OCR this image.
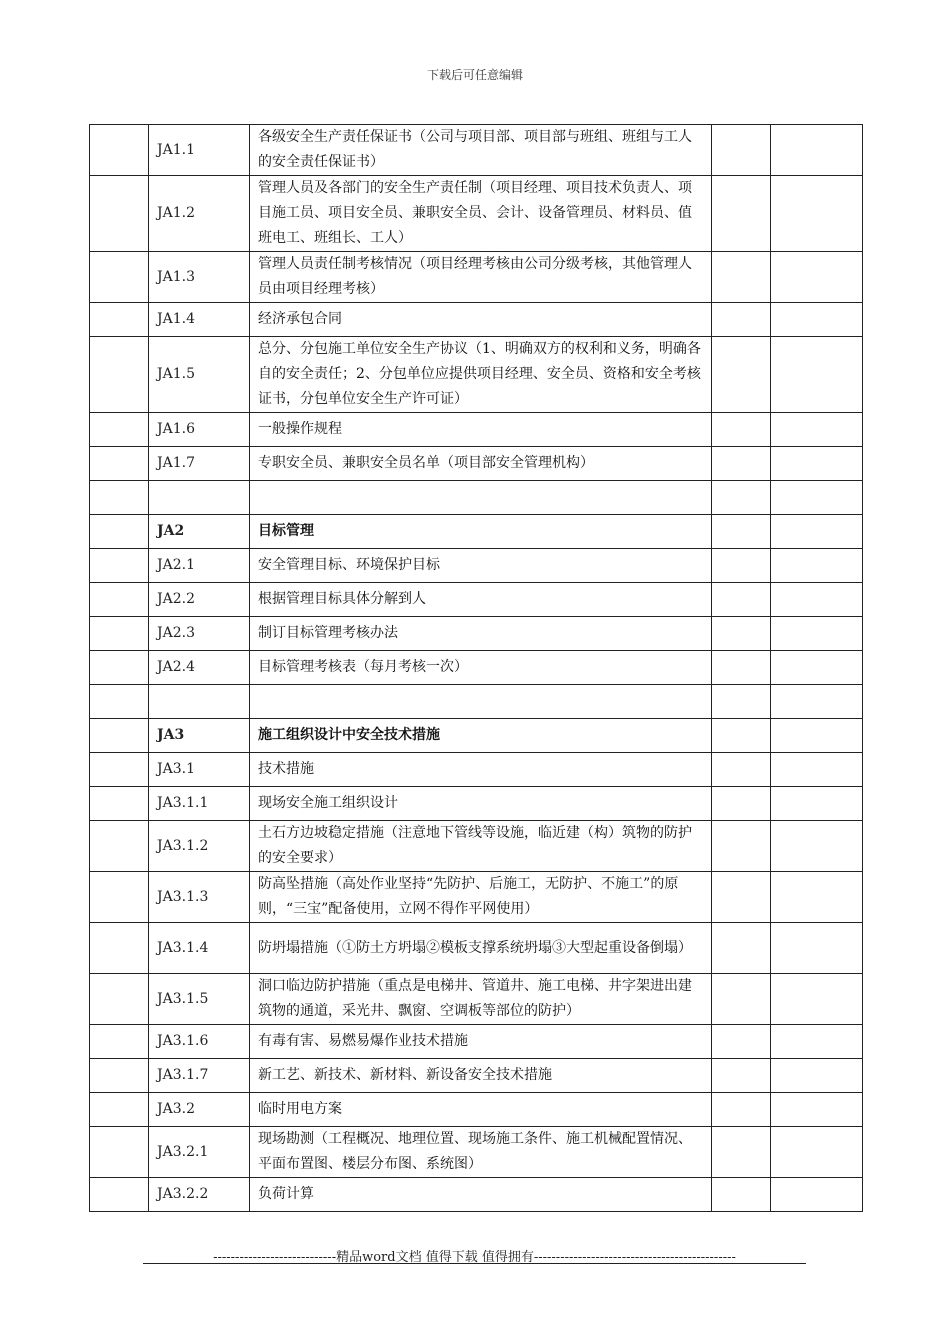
下载后可任意编辑
	JA1.1	各级安全生产责任保证书（公司与项目部、项目部与班组、班组与工人的安全责任保证书）		
	JA1.2	管理人员及各部门的安全生产责任制（项目经理、项目技术负责人、项目施工员、项目安全员、兼职安全员、会计、设备管理员、材料员、值班电工、班组长、工人）		
	JA1.3	管理人员责任制考核情况（项目经理考核由公司分级考核，其他管理人员由项目经理考核）		
	JA1.4	经济承包合同		
	JA1.5	总分、分包施工单位安全生产协议（1、明确双方的权利和义务，明确各自的安全责任；2、分包单位应提供项目经理、安全员、资格和安全考核证书，分包单位安全生产许可证）		
	JA1.6	一般操作规程		
	JA1.7	专职安全员、兼职安全员名单（项目部安全管理机构）		

	JA2	目标管理		
	JA2.1	安全管理目标、环境保护目标		
	JA2.2	根据管理目标具体分解到人		
	JA2.3	制订目标管理考核办法		
	JA2.4	目标管理考核表（每月考核一次）		

	JA3	施工组织设计中安全技术措施		
	JA3.1	技术措施		
	JA3.1.1	现场安全施工组织设计		
	JA3.1.2	土石方边坡稳定措施（注意地下管线等设施，临近建（构）筑物的防护的安全要求）		
	JA3.1.3	防高坠措施（高处作业坚持“先防护、后施工，无防护、不施工”的原则，“三宝”配备使用，立网不得作平网使用）		
	JA3.1.4	防坍塌措施（①防土方坍塌②模板支撑系统坍塌③大型起重设备倒塌）		
	JA3.1.5	洞口临边防护措施（重点是电梯井、管道井、施工电梯、井字架进出建筑物的通道，采光井、飘窗、空调板等部位的防护）		
	JA3.1.6	有毒有害、易燃易爆作业技术措施		
	JA3.1.7	新工艺、新技术、新材料、新设备安全技术措施		
	JA3.2	临时用电方案		
	JA3.2.1	现场勘测（工程概况、地理位置、现场施工条件、施工机械配置情况、平面布置图、楼层分布图、系统图）		
	JA3.2.2	负荷计算		
----------------------------精品word文档 值得下载 值得拥有----------------------------------------------
